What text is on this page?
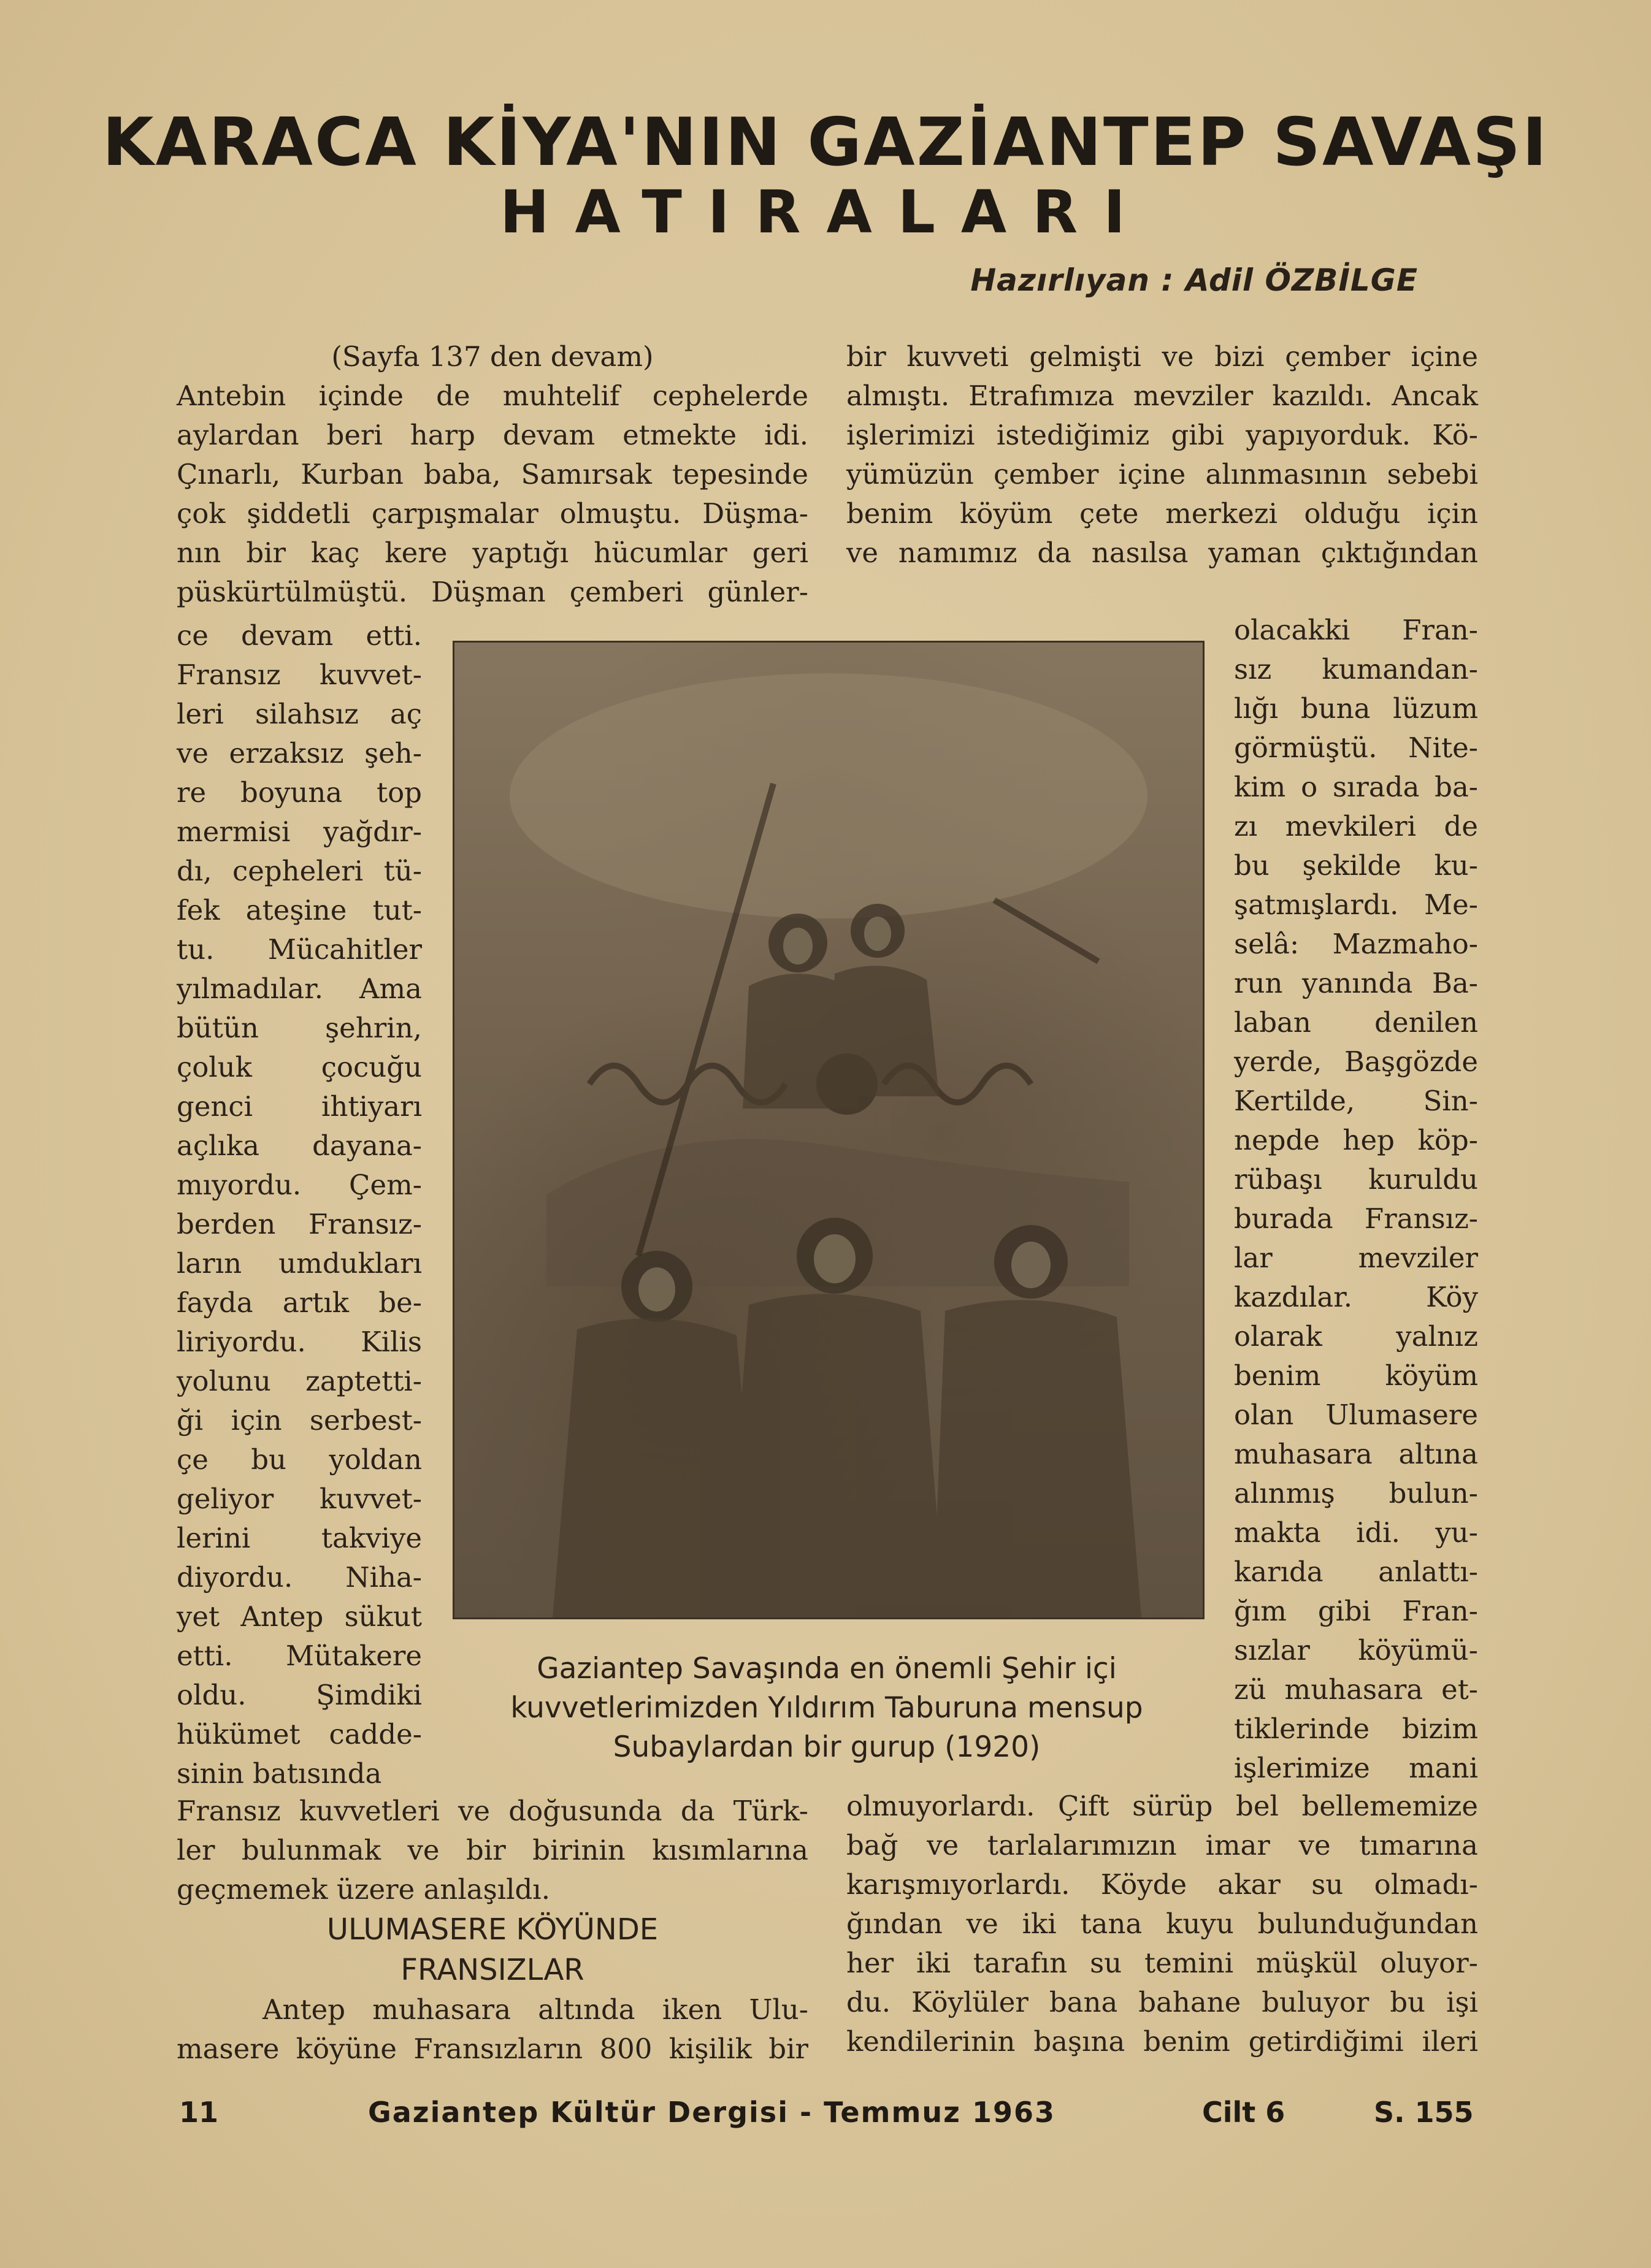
KARACA KİYA'NIN GAZİANTEP SAVAŞI
HATIRALARI
Hazırlıyan : Adil ÖZBİLGE
(Sayfa 137 den devam)
Antebin içinde de muhtelif cephelerde
aylardan beri harp devam etmekte idi.
Çınarlı, Kurban baba, Samırsak tepesinde
çok şiddetli çarpışmalar olmuştu. Düşma-
nın bir kaç kere yaptığı hücumlar geri
püskürtülmüştü. Düşman çemberi günler-
ce devam etti.
Fransız kuvvet-
leri silahsız aç
ve erzaksız şeh-
re boyuna top
mermisi yağdır-
dı, cepheleri tü-
fek ateşine tut-
tu. Mücahitler
yılmadılar. Ama
bütün şehrin,
çoluk çocuğu
genci ihtiyarı
açlıka dayana-
mıyordu. Çem-
berden Fransız-
ların umdukları
fayda artık be-
liriyordu. Kilis
yolunu zaptetti-
ği için serbest-
çe bu yoldan
geliyor kuvvet-
lerini takviye
diyordu. Niha-
yet Antep sükut
etti. Mütakere
oldu. Şimdiki
hükümet cadde-
sinin batısında
Fransız kuvvetleri ve doğusunda da Türk-
ler bulunmak ve bir birinin kısımlarına
geçmemek üzere anlaşıldı.
ULUMASERE KÖYÜNDE
FRANSIZLAR
Antep muhasara altında iken Ulu-
masere köyüne Fransızların 800 kişilik bir
bir kuvveti gelmişti ve bizi çember içine
almıştı. Etrafımıza mevziler kazıldı. Ancak
işlerimizi istediğimiz gibi yapıyorduk. Kö-
yümüzün çember içine alınmasının sebebi
benim köyüm çete merkezi olduğu için
ve namımız da nasılsa yaman çıktığından
olacakki Fran-
sız kumandan-
lığı buna lüzum
görmüştü. Nite-
kim o sırada ba-
zı mevkileri de
bu şekilde ku-
şatmışlardı. Me-
selâ: Mazmaho-
run yanında Ba-
laban denilen
yerde, Başgözde
Kertilde, Sin-
nepde hep köp-
rübaşı kuruldu
burada Fransız-
lar mevziler
kazdılar. Köy
olarak yalnız
benim köyüm
olan Ulumasere
muhasara altına
alınmış bulun-
makta idi. yu-
karıda anlattı-
ğım gibi Fran-
sızlar köyümü-
zü muhasara et-
tiklerinde bizim
işlerimize mani
olmuyorlardı. Çift sürüp bel bellememize
bağ ve tarlalarımızın imar ve tımarına
karışmıyorlardı. Köyde akar su olmadı-
ğından ve iki tana kuyu bulunduğundan
her iki tarafın su temini müşkül oluyor-
du. Köylüler bana bahane buluyor bu işi
kendilerinin başına benim getirdiğimi ileri
Gaziantep Savaşında en önemli Şehir içi
kuvvetlerimizden Yıldırım Taburuna mensup
Subaylardan bir gurup (1920)
11	Gaziantep Kültür Dergisi - Temmuz 1963	Cilt 6	S. 155
